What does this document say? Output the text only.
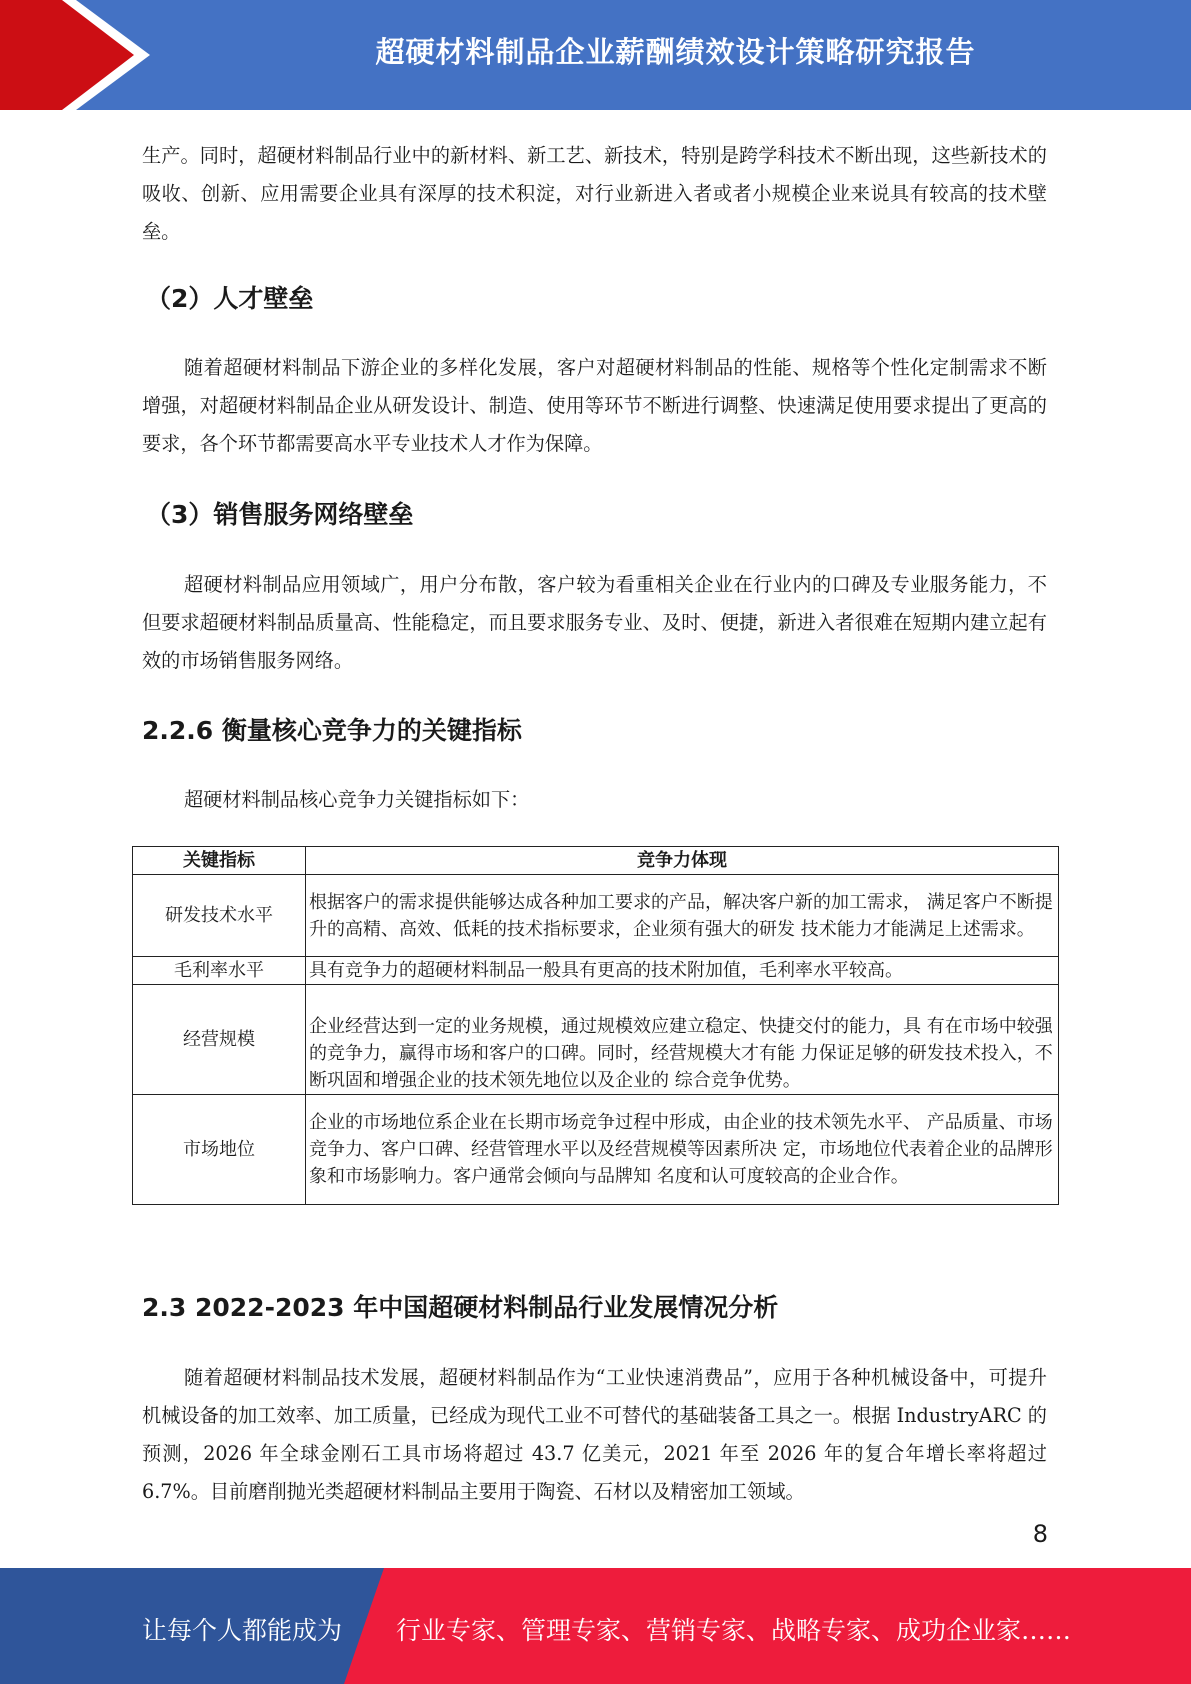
超硬材料制品企业薪酬绩效设计策略研究报告

生产。同时，超硬材料制品行业中的新材料、新工艺、新技术，特别是跨学科技术不断出现，这些新技术的吸收、创新、应用需要企业具有深厚的技术积淀，对行业新进入者或者小规模企业来说具有较高的技术壁垒。

（2）人才壁垒

随着超硬材料制品下游企业的多样化发展，客户对超硬材料制品的性能、规格等个性化定制需求不断增强，对超硬材料制品企业从研发设计、制造、使用等环节不断进行调整、快速满足使用要求提出了更高的要求，各个环节都需要高水平专业技术人才作为保障。

（3）销售服务网络壁垒

超硬材料制品应用领域广，用户分布散，客户较为看重相关企业在行业内的口碑及专业服务能力，不但要求超硬材料制品质量高、性能稳定，而且要求服务专业、及时、便捷，新进入者很难在短期内建立起有效的市场销售服务网络。

2.2.6 衡量核心竞争力的关键指标

超硬材料制品核心竞争力关键指标如下：

关键指标	竞争力体现
研发技术水平	根据客户的需求提供能够达成各种加工要求的产品，解决客户新的加工需求， 满足客户不断提升的高精、高效、低耗的技术指标要求，企业须有强大的研发 技术能力才能满足上述需求。
毛利率水平	具有竞争力的超硬材料制品一般具有更高的技术附加值，毛利率水平较高。
经营规模	企业经营达到一定的业务规模，通过规模效应建立稳定、快捷交付的能力，具 有在市场中较强的竞争力，赢得市场和客户的口碑。同时，经营规模大才有能 力保证足够的研发技术投入，不断巩固和增强企业的技术领先地位以及企业的 综合竞争优势。
市场地位	企业的市场地位系企业在长期市场竞争过程中形成，由企业的技术领先水平、 产品质量、市场竞争力、客户口碑、经营管理水平以及经营规模等因素所决 定，市场地位代表着企业的品牌形象和市场影响力。客户通常会倾向与品牌知 名度和认可度较高的企业合作。
2.3 2022-2023 年中国超硬材料制品行业发展情况分析

随着超硬材料制品技术发展，超硬材料制品作为“工业快速消费品”，应用于各种机械设备中，可提升机械设备的加工效率、加工质量，已经成为现代工业不可替代的基础装备工具之一。根据 IndustryARC 的预测，2026 年全球金刚石工具市场将超过 43.7 亿美元，2021 年至 2026 年的复合年增长率将超过 6.7%。目前磨削抛光类超硬材料制品主要用于陶瓷、石材以及精密加工领域。

8
让每个人都能成为 行业专家、管理专家、营销专家、战略专家、成功企业家……
